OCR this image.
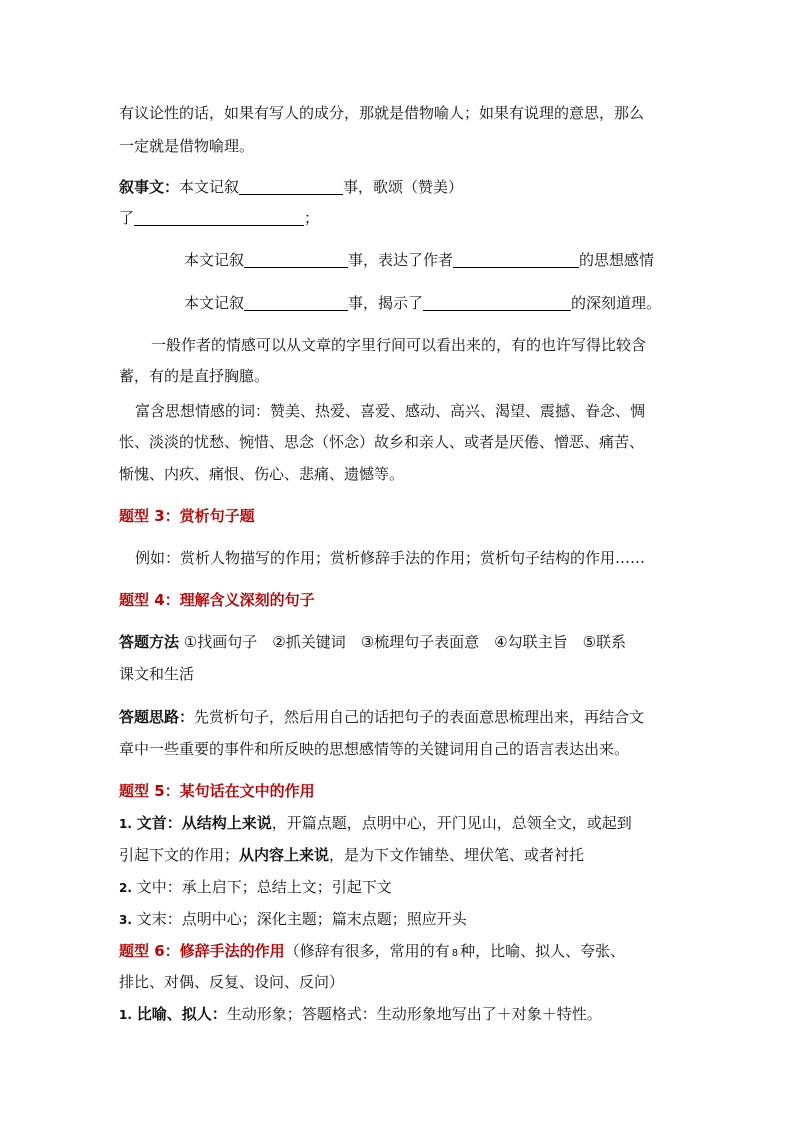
有议论性的话，如果有写人的成分，那就是借物喻人；如果有说理的意思，那么
一定就是借物喻理。
叙事文：本文记叙	事，歌颂（赞美）
了	；
本文记叙	事，表达了作者	的思想感情
本文记叙	事，揭示了	的深刻道理。
一般作者的情感可以从文章的字里行间可以看出来的，有的也许写得比较含
蓄，有的是直抒胸臆。
富含思想情感的词：赞美、热爱、喜爱、感动、高兴、渴望、震撼、眷念、惆
怅、淡淡的忧愁、惋惜、思念（怀念）故乡和亲人、或者是厌倦、憎恶、痛苦、
惭愧、内疚、痛恨、伤心、悲痛、遗憾等。
题型 3：赏析句子题
例如：赏析人物描写的作用；赏析修辞手法的作用；赏析句子结构的作用……
题型 4：理解含义深刻的句子
答题方法 ①找画句子　②抓关键词　③梳理句子表面意　④勾联主旨　⑤联系
课文和生活
答题思路：先赏析句子，然后用自己的话把句子的表面意思梳理出来，再结合文
章中一些重要的事件和所反映的思想感情等的关键词用自己的语言表达出来。
题型 5：某句话在文中的作用
1. 文首：从结构上来说，开篇点题，点明中心，开门见山，总领全文，或起到
引起下文的作用；从内容上来说，是为下文作铺垫、埋伏笔、或者衬托
2. 文中：承上启下；总结上文；引起下文
3. 文末：点明中心；深化主题；篇末点题；照应开头
题型 6：修辞手法的作用（修辞有很多，常用的有 8 种，比喻、拟人、夸张、
排比、对偶、反复、设问、反问）
1. 比喻、拟人：生动形象；答题格式：生动形象地写出了＋对象＋特性。
